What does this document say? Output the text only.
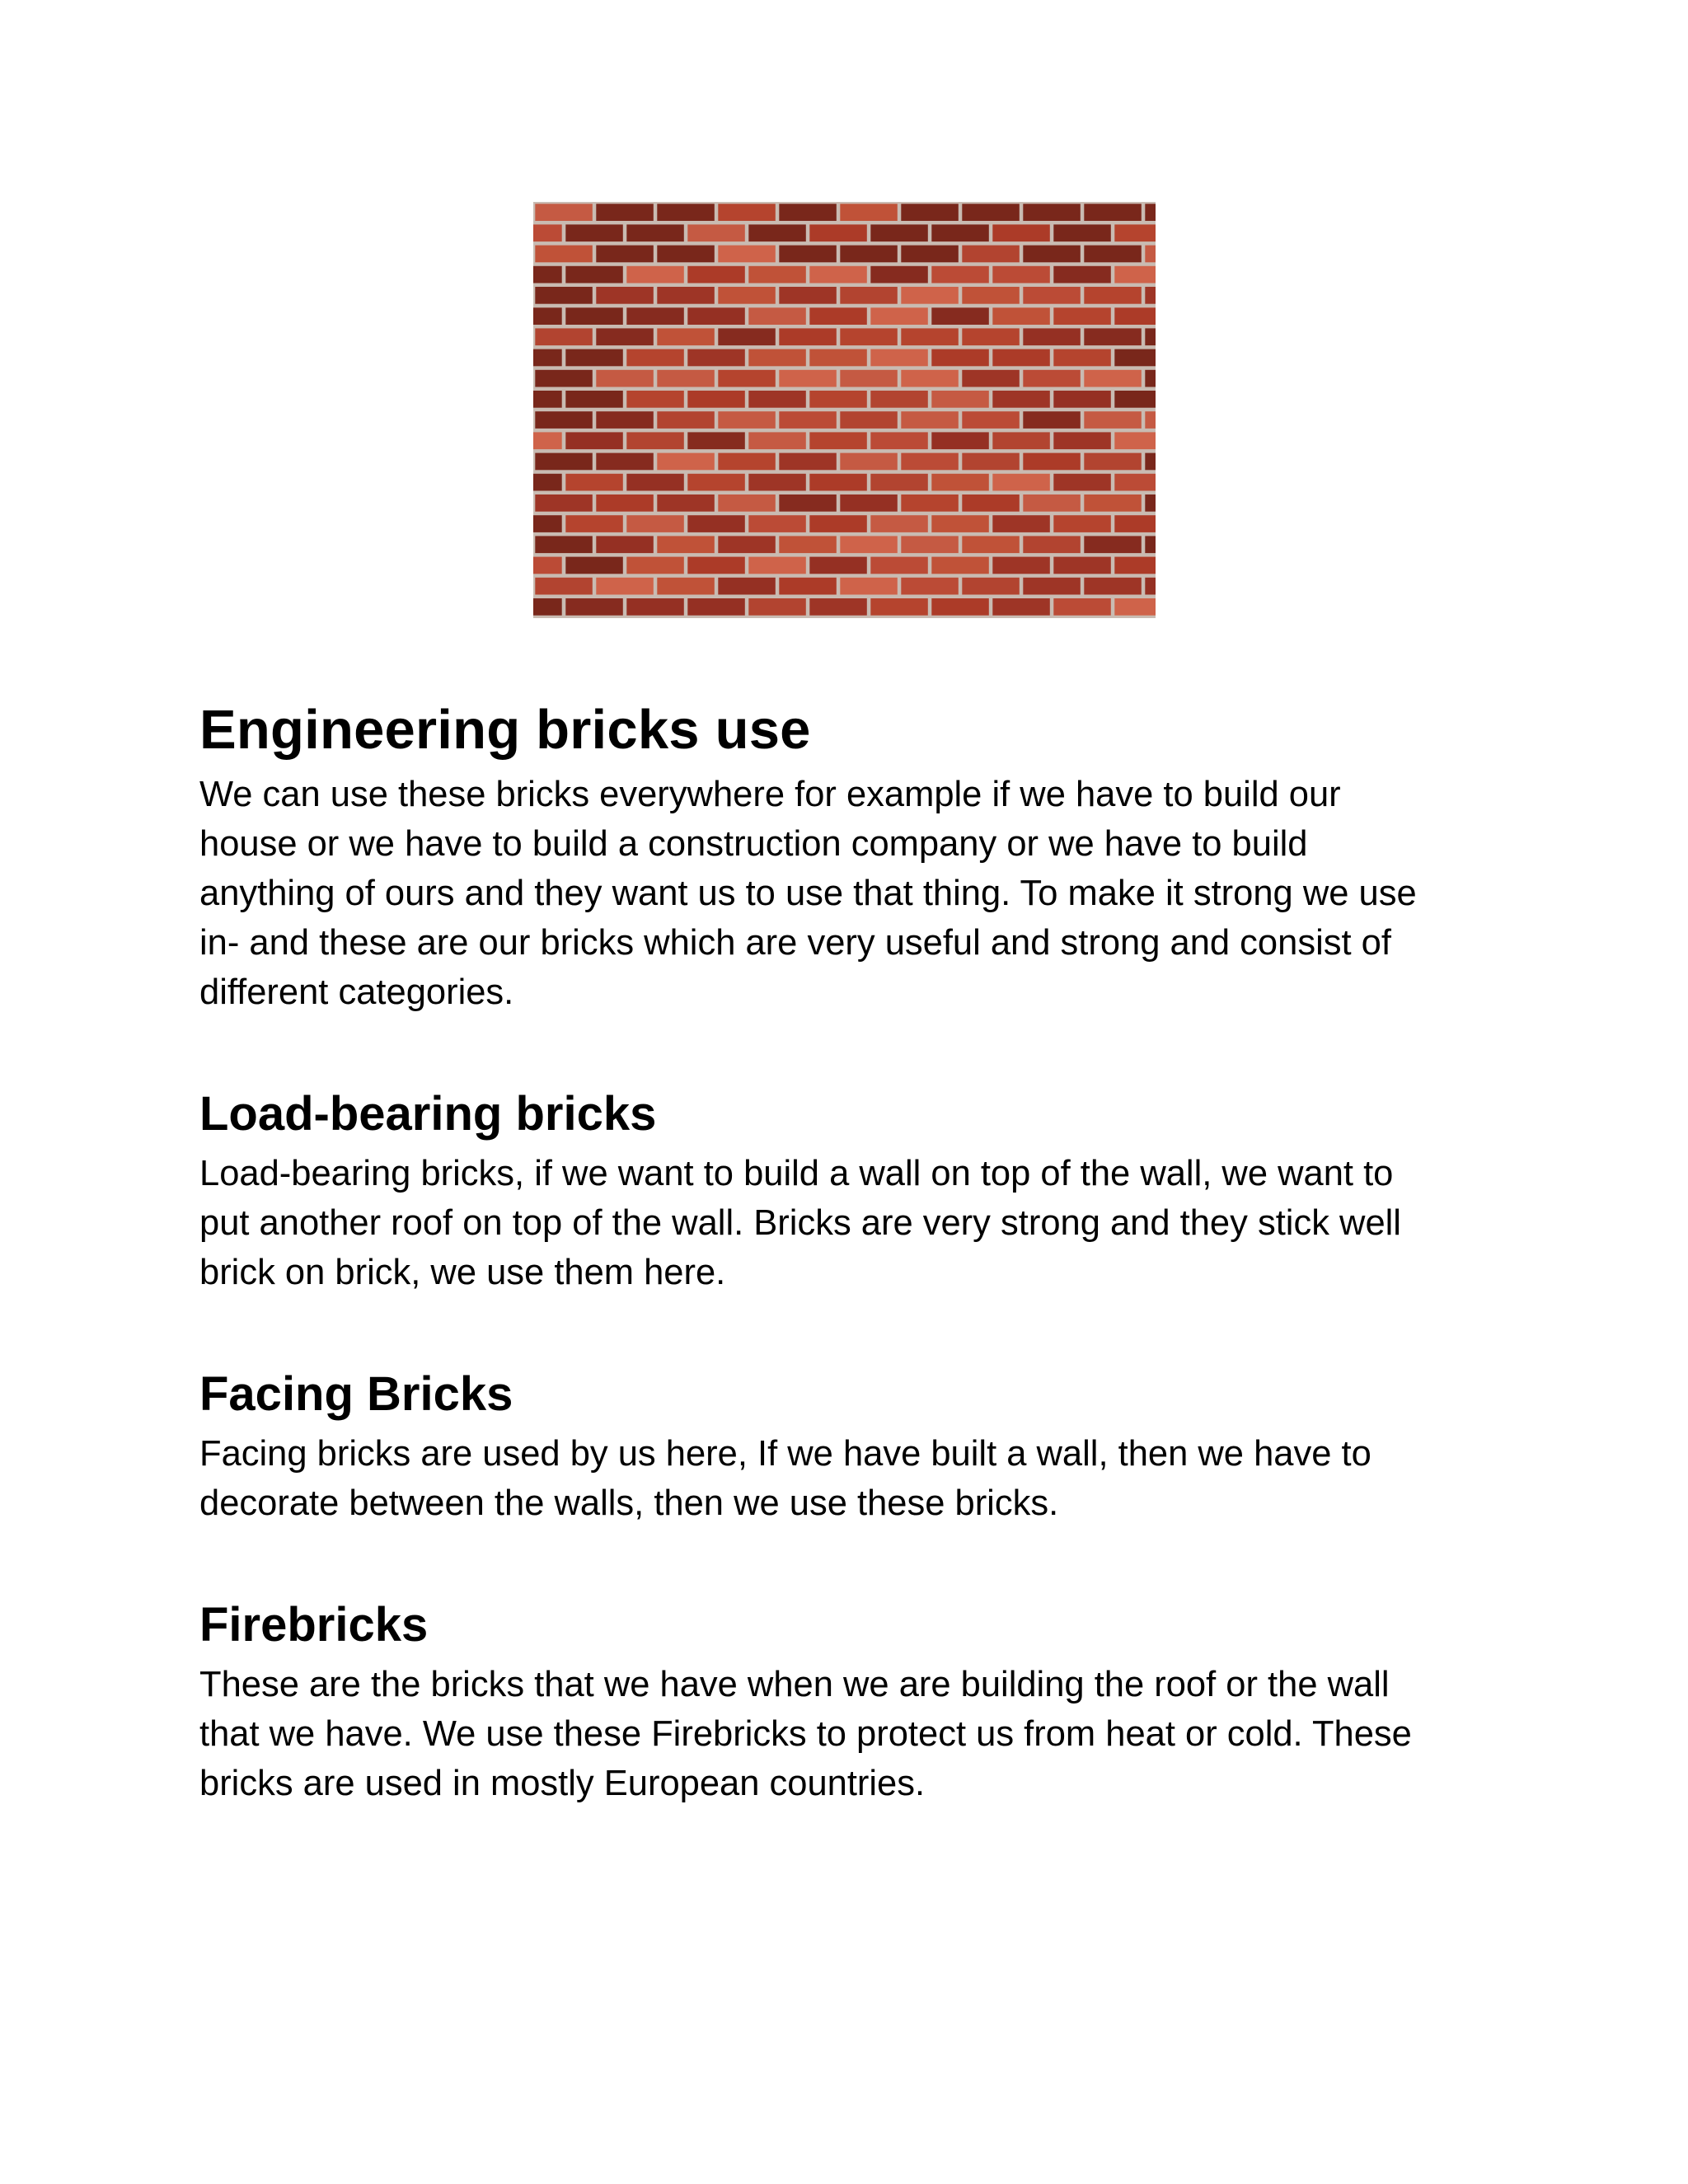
Engineering bricks use

We can use these bricks everywhere for example if we have to build our
house or we have to build a construction company or we have to build
anything of ours and they want us to use that thing. To make it strong we use
in- and these are our bricks which are very useful and strong and consist of
different categories.

Load-bearing bricks

Load-bearing bricks, if we want to build a wall on top of the wall, we want to
put another roof on top of the wall. Bricks are very strong and they stick well
brick on brick, we use them here.

Facing Bricks

Facing bricks are used by us here, If we have built a wall, then we have to
decorate between the walls, then we use these bricks.

Firebricks

These are the bricks that we have when we are building the roof or the wall
that we have. We use these Firebricks to protect us from heat or cold. These
bricks are used in mostly European countries.
